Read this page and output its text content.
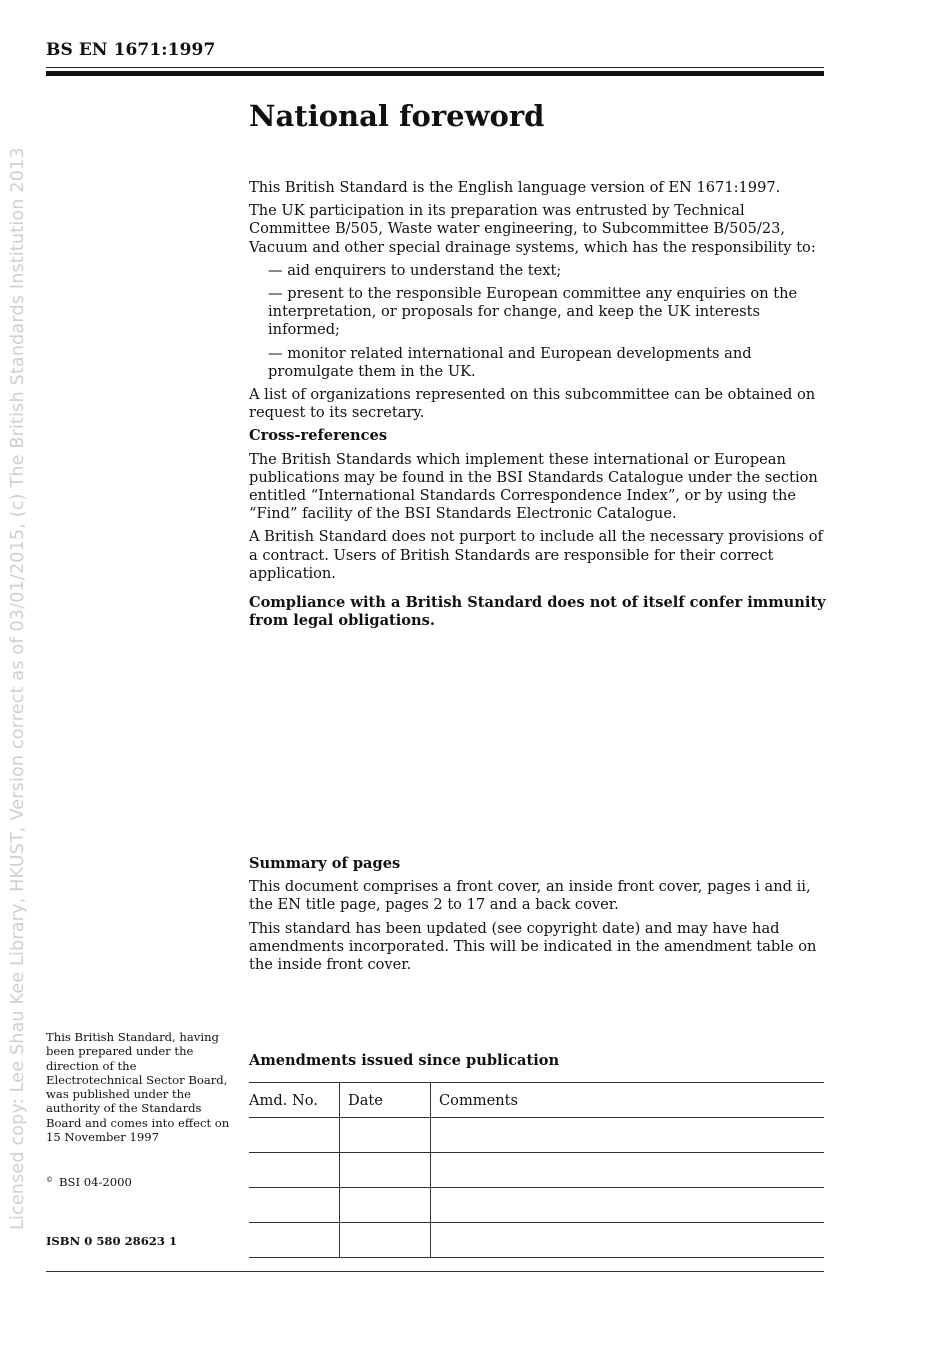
BS EN 1671:1997
Licensed copy: Lee Shau Kee Library, HKUST, Version correct as of 03/01/2015, (c) The British Standards Institution 2013
National foreword

This British Standard is the English language version of EN 1671:1997.

The UK participation in its preparation was entrusted by Technical Committee B/505, Waste water engineering, to Subcommittee B/505/23, Vacuum and other special drainage systems, which has the responsibility to:

— aid enquirers to understand the text;

— present to the responsible European committee any enquiries on the interpretation, or proposals for change, and keep the UK interests informed;

— monitor related international and European developments and promulgate them in the UK.

A list of organizations represented on this subcommittee can be obtained on request to its secretary.

Cross-references

The British Standards which implement these international or European publications may be found in the BSI Standards Catalogue under the section entitled “International Standards Correspondence Index”, or by using the “Find” facility of the BSI Standards Electronic Catalogue.

A British Standard does not purport to include all the necessary provisions of a contract. Users of British Standards are responsible for their correct application.

Compliance with a British Standard does not of itself confer immunity from legal obligations.

Summary of pages

This document comprises a front cover, an inside front cover, pages i and ii, the EN title page, pages 2 to 17 and a back cover.

This standard has been updated (see copyright date) and may have had amendments incorporated. This will be indicated in the amendment table on the inside front cover.

This British Standard, having been prepared under the direction of the Electrotechnical Sector Board, was published under the authority of the Standards Board and comes into effect on 15 November 1997
© BSI 04-2000
ISBN 0 580 28623 1
Amendments issued since publication
Amd. No.	Date	Comments
